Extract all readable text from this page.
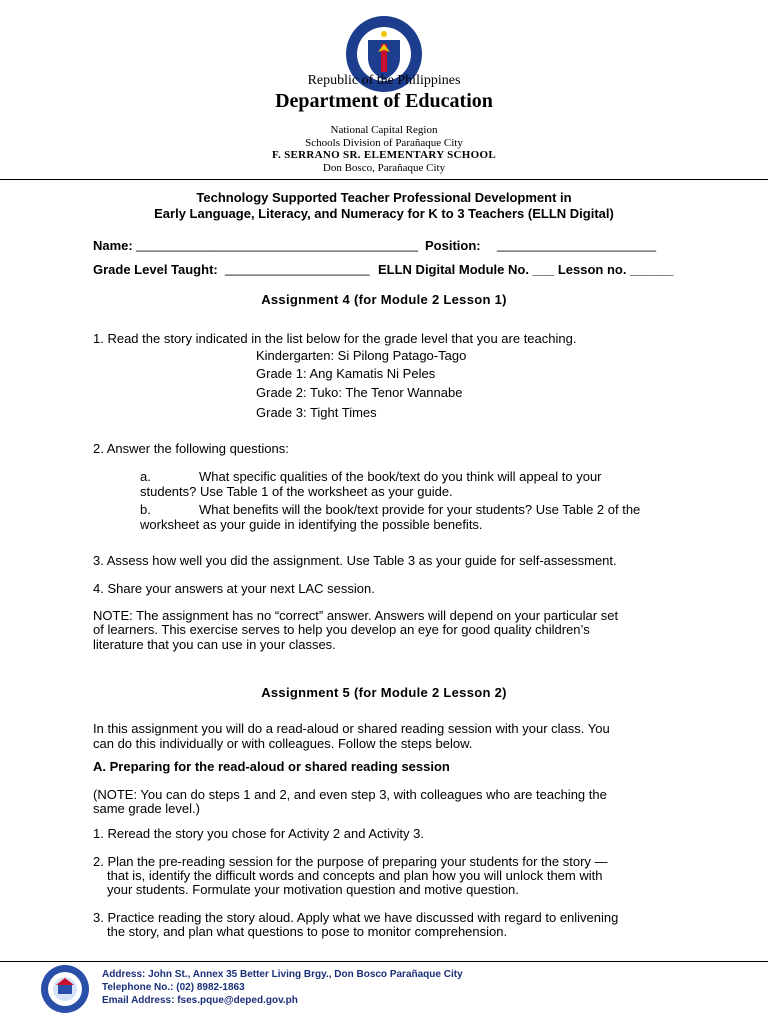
Republic of the Philippines
Department of Education
National Capital Region
Schools Division of Parañaque City
F. SERRANO SR. ELEMENTARY SCHOOL
Don Bosco, Parañaque City
Technology Supported Teacher Professional Development in
Early Language, Literacy, and Numeracy for K to 3 Teachers (ELLN Digital)
Name: _______________________________________ Position: ______________________
Grade Level Taught: ____________________ ELLN Digital Module No. ___ Lesson no. ______
Assignment 4 (for Module 2 Lesson 1)
1. Read the story indicated in the list below for the grade level that you are teaching.
Kindergarten: Si Pilong Patago-Tago
Grade 1: Ang Kamatis Ni Peles
Grade 2: Tuko: The Tenor Wannabe
Grade 3: Tight Times
2. Answer the following questions:
a.	What specific qualities of the book/text do you think will appeal to your
students? Use Table 1 of the worksheet as your guide.
b.	What benefits will the book/text provide for your students? Use Table 2 of the
worksheet as your guide in identifying the possible benefits.
3. Assess how well you did the assignment. Use Table 3 as your guide for self-assessment.
4. Share your answers at your next LAC session.
NOTE: The assignment has no “correct” answer. Answers will depend on your particular set
of learners. This exercise serves to help you develop an eye for good quality children’s
literature that you can use in your classes.
Assignment 5 (for Module 2 Lesson 2)
In this assignment you will do a read-aloud or shared reading session with your class. You
can do this individually or with colleagues. Follow the steps below.
A. Preparing for the read-aloud or shared reading session
(NOTE: You can do steps 1 and 2, and even step 3, with colleagues who are teaching the
same grade level.)
1. Reread the story you chose for Activity 2 and Activity 3.
2. Plan the pre-reading session for the purpose of preparing your students for the story —
that is, identify the difficult words and concepts and plan how you will unlock them with
your students. Formulate your motivation question and motive question.
3. Practice reading the story aloud. Apply what we have discussed with regard to enlivening
the story, and plan what questions to pose to monitor comprehension.
Address: John St., Annex 35 Better Living Brgy., Don Bosco Parañaque City
Telephone No.: (02) 8982-1863
Email Address: fses.pque@deped.gov.ph
